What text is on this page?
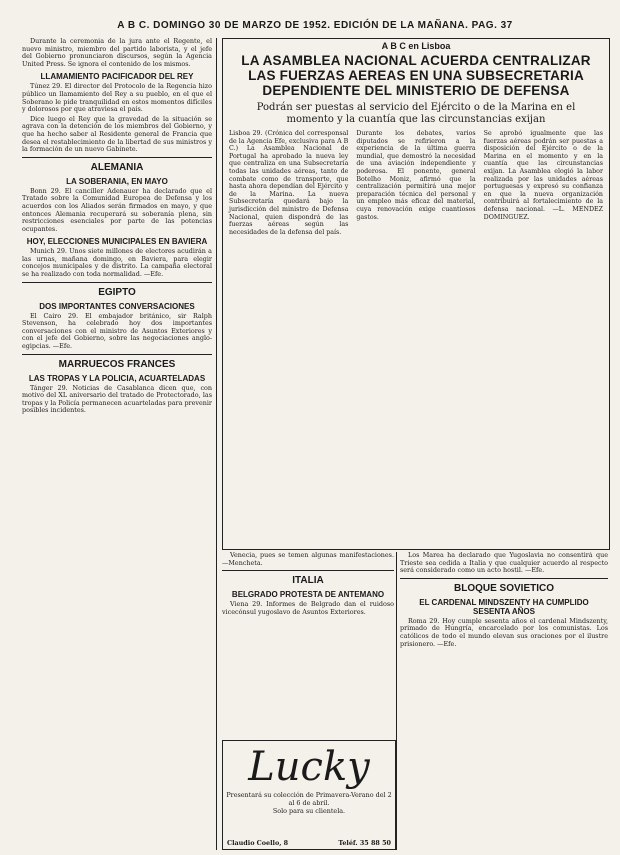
A B C. DOMINGO 30 DE MARZO DE 1952. EDICIÓN DE LA MAÑANA. PAG. 37

Durante la ceremonia de la jura ante el Regente, el nuevo ministro, miembro del partido laborista, y el jefe del Gobierno pronunciaron discursos, según la Agencia United Press. Se ignora el contenido de los mismos.

LLAMAMIENTO PACIFICADOR DEL REY

Túnez 29. El director del Protocolo de la Regencia hizo público un llamamiento del Rey a su pueblo, en el que el Soberano le pide tranquilidad en estos momentos difíciles y dolorosos por que atraviesa el país.

Dice luego el Rey que la gravedad de la situación se agrava con la detención de los miembros del Gobierno, y que ha hecho saber al Residente general de Francia que desea el restablecimiento de la libertad de sus ministros y la formación de un nuevo Gabinete.

ALEMANIA
LA SOBERANIA, EN MAYO

Bonn 29. El canciller Adenauer ha declarado que el Tratado sobre la Comunidad Europea de Defensa y los acuerdos con los Aliados serán firmados en mayo, y que entonces Alemania recuperará su soberanía plena, sin restricciones esenciales por parte de las potencias ocupantes.

HOY, ELECCIONES MUNICIPALES EN BAVIERA

Munich 29. Unos siete millones de electores acudirán a las urnas, mañana domingo, en Baviera, para elegir concejos municipales y de distrito. La campaña electoral se ha realizado con toda normalidad. —Efe.

EGIPTO
DOS IMPORTANTES CONVERSACIONES

El Cairo 29. El embajador británico, sir Ralph Stevenson, ha celebrado hoy dos importantes conversaciones con el ministro de Asuntos Exteriores y con el jefe del Gobierno, sobre las negociaciones anglo-egipcias. —Efe.

MARRUECOS FRANCES
LAS TROPAS Y LA POLICIA, ACUARTELADAS

Tánger 29. Noticias de Casablanca dicen que, con motivo del XL aniversario del tratado de Protectorado, las tropas y la Policía permanecen acuarteladas para prevenir posibles incidentes.

A B C en Lisboa
LA ASAMBLEA NACIONAL ACUERDA CENTRALIZAR LAS FUERZAS AEREAS EN UNA SUBSECRETARIA DEPENDIENTE DEL MINISTERIO DE DEFENSA
Podrán ser puestas al servicio del Ejército o de la Marina en el momento y la cuantía que las circunstancias exijan
Lisboa 29. (Crónica del corresponsal de la Agencia Efe, exclusiva para A B C.) La Asamblea Nacional de Portugal ha aprobado la nueva ley que centraliza en una Subsecretaría todas las unidades aéreas, tanto de combate como de transporte, que hasta ahora dependían del Ejército y de la Marina. La nueva Subsecretaría quedará bajo la jurisdicción del ministro de Defensa Nacional, quien dispondrá de las fuerzas aéreas según las necesidades de la defensa del país.
Durante los debates, varios diputados se refirieron a la experiencia de la última guerra mundial, que demostró la necesidad de una aviación independiente y poderosa. El ponente, general Botelho Moniz, afirmó que la centralización permitirá una mejor preparación técnica del personal y un empleo más eficaz del material, cuya renovación exige cuantiosos gastos.
Se aprobó igualmente que las fuerzas aéreas podrán ser puestas a disposición del Ejército o de la Marina en el momento y en la cuantía que las circunstancias exijan. La Asamblea elogió la labor realizada por las unidades aéreas portuguesas y expresó su confianza en que la nueva organización contribuirá al fortalecimiento de la defensa nacional. —L. MENDEZ DOMINGUEZ.

Venecia, pues se temen algunas manifestaciones. —Mencheta.

ITALIA
BELGRADO PROTESTA DE ANTEMANO

Viena 29. Informes de Belgrado dan el ruidoso vicecónsul yugoslavo de Asuntos Exteriores.

Los Marea ha declarado que Yugoslavia no consentirá que Trieste sea cedida a Italia y que cualquier acuerdo al respecto será considerado como un acto hostil. —Efe.

BLOQUE SOVIETICO
EL CARDENAL MINDSZENTY HA CUMPLIDO SESENTA AÑOS

Roma 29. Hoy cumple sesenta años el cardenal Mindszenty, primado de Hungría, encarcelado por los comunistas. Los católicos de todo el mundo elevan sus oraciones por el ilustre prisionero. —Efe.

Lucky
Presentará su colección de Primavera-Verano del 2 al 6 de abril.
Solo para su clientela.
Claudio Coello, 8	Teléf. 35 88 50
